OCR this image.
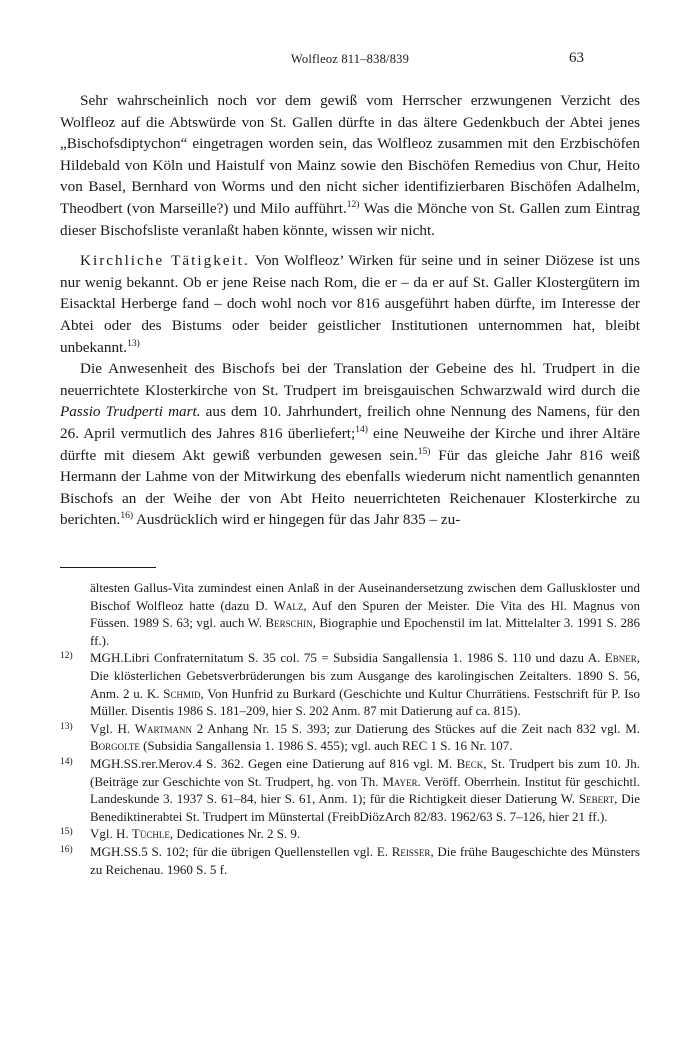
Wolfleoz 811–838/839	63

Sehr wahrscheinlich noch vor dem gewiß vom Herrscher erzwungenen Verzicht des Wolfleoz auf die Abtswürde von St. Gallen dürfte in das ältere Gedenkbuch der Abtei jenes „Bischofsdiptychon“ eingetragen worden sein, das Wolfleoz zusammen mit den Erzbischöfen Hildebald von Köln und Haistulf von Mainz sowie den Bischöfen Remedius von Chur, Heito von Basel, Bernhard von Worms und den nicht sicher identifizierbaren Bischöfen Adalhelm, Theodbert (von Marseille?) und Milo aufführt.$^{12)}$ Was die Mönche von St. Gallen zum Eintrag dieser Bischofsliste veranlaßt haben könnte, wissen wir nicht.

Kirchliche Tätigkeit. Von Wolfleoz’ Wirken für seine und in seiner Diözese ist uns nur wenig bekannt. Ob er jene Reise nach Rom, die er – da er auf St. Galler Klostergütern im Eisacktal Herberge fand – doch wohl noch vor 816 ausgeführt haben dürfte, im Interesse der Abtei oder des Bistums oder beider geistlicher Institutionen unternommen hat, bleibt unbekannt.$^{13)}$

Die Anwesenheit des Bischofs bei der Translation der Gebeine des hl. Trudpert in die neuerrichtete Klosterkirche von St. Trudpert im breisgauischen Schwarzwald wird durch die Passio Trudperti mart. aus dem 10. Jahrhundert, freilich ohne Nennung des Namens, für den 26. April vermutlich des Jahres 816 überliefert;$^{14)}$ eine Neuweihe der Kirche und ihrer Altäre dürfte mit diesem Akt gewiß verbunden gewesen sein.$^{15)}$ Für das gleiche Jahr 816 weiß Hermann der Lahme von der Mitwirkung des ebenfalls wiederum nicht namentlich genannten Bischofs an der Weihe der von Abt Heito neuerrichteten Reichenauer Klosterkirche zu berichten.$^{16)}$ Ausdrücklich wird er hingegen für das Jahr 835 – zu-

ältesten Gallus-Vita zumindest einen Anlaß in der Auseinandersetzung zwischen dem Galluskloster und Bischof Wolfleoz hatte (dazu D. Walz, Auf den Spuren der Meister. Die Vita des Hl. Magnus von Füssen. 1989 S. 63; vgl. auch W. Berschin, Biographie und Epochenstil im lat. Mittelalter 3. 1991 S. 286 ff.).

12) MGH.Libri Confraternitatum S. 35 col. 75 = Subsidia Sangallensia 1. 1986 S. 110 und dazu A. Ebner, Die klösterlichen Gebetsverbrüderungen bis zum Ausgange des karolingischen Zeitalters. 1890 S. 56, Anm. 2 u. K. Schmid, Von Hunfrid zu Burkard (Geschichte und Kultur Churrätiens. Festschrift für P. Iso Müller. Disentis 1986 S. 181–209, hier S. 202 Anm. 87 mit Datierung auf ca. 815).

13) Vgl. H. Wartmann 2 Anhang Nr. 15 S. 393; zur Datierung des Stückes auf die Zeit nach 832 vgl. M. Borgolte (Subsidia Sangallensia 1. 1986 S. 455); vgl. auch REC 1 S. 16 Nr. 107.

14) MGH.SS.rer.Merov.4 S. 362. Gegen eine Datierung auf 816 vgl. M. Beck, St. Trudpert bis zum 10. Jh. (Beiträge zur Geschichte von St. Trudpert, hg. von Th. Mayer. Veröff. Oberrhein. Institut für geschichtl. Landeskunde 3. 1937 S. 61–84, hier S. 61, Anm. 1); für die Richtigkeit dieser Datierung W. Sebert, Die Benediktinerabtei St. Trudpert im Münstertal (FreibDiözArch 82/83. 1962/63 S. 7–126, hier 21 ff.).

15) Vgl. H. Tüchle, Dedicationes Nr. 2 S. 9.

16) MGH.SS.5 S. 102; für die übrigen Quellenstellen vgl. E. Reisser, Die frühe Baugeschichte des Münsters zu Reichenau. 1960 S. 5 f.
